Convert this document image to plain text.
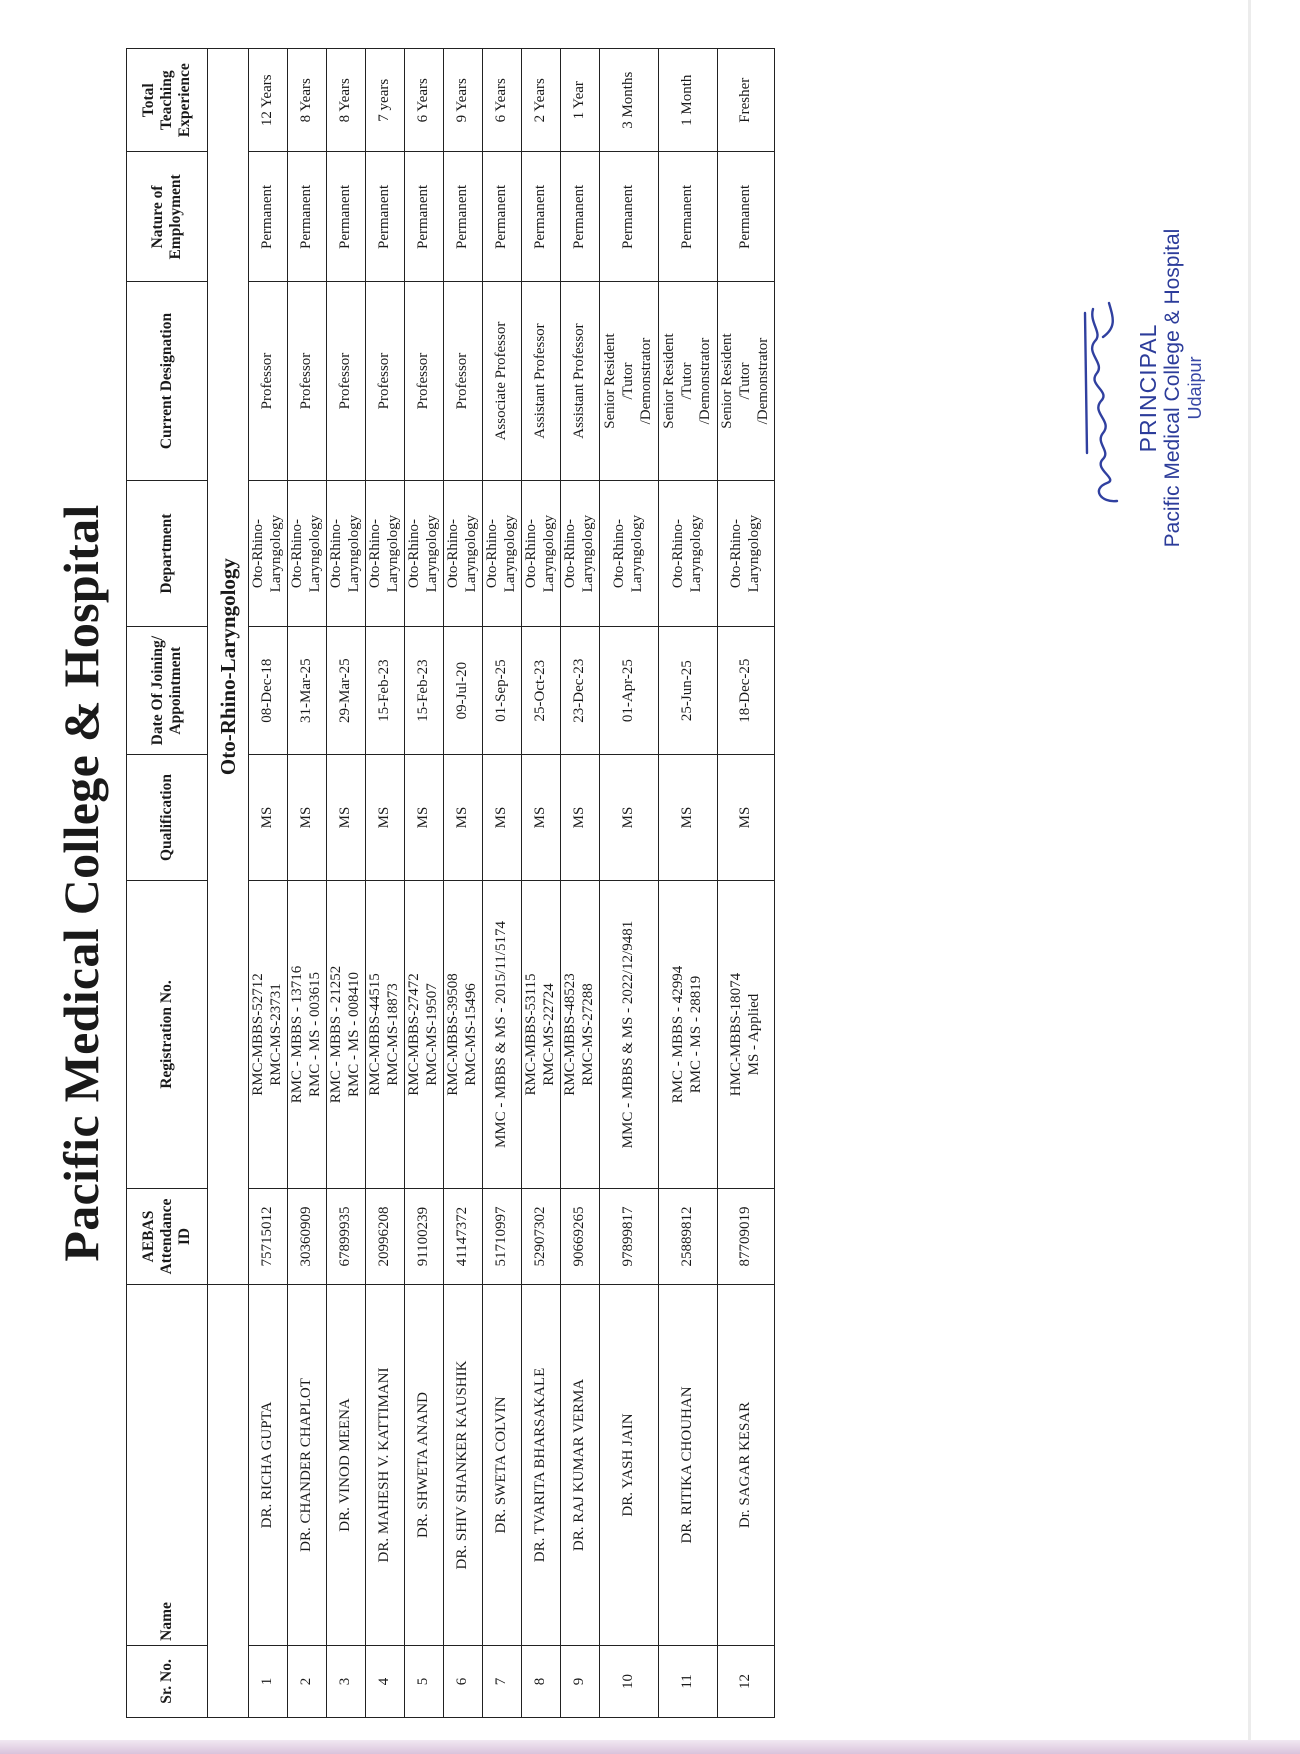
Pacific Medical College & Hospital
Sr. No.	Name	AEBAS Attendance ID	Registration No.	Qualification	Date Of Joining/ Appointment	Department	Current Designation	Nature of Employment	Total Teaching Experience
		Oto-Rhino-Laryngology							
1	DR. RICHA GUPTA	75715012	RMC-MBBS-52712 RMC-MS-23731	MS	08-Dec-18	Oto-Rhino- Laryngology	Professor	Permanent	12 Years
2	DR. CHANDER CHAPLOT	30360909	RMC - MBBS - 13716 RMC - MS - 003615	MS	31-Mar-25	Oto-Rhino- Laryngology	Professor	Permanent	8 Years
3	DR. VINOD MEENA	67899935	RMC - MBBS - 21252 RMC - MS - 008410	MS	29-Mar-25	Oto-Rhino- Laryngology	Professor	Permanent	8 Years
4	DR. MAHESH V. KATTIMANI	20996208	RMC-MBBS-44515 RMC-MS-18873	MS	15-Feb-23	Oto-Rhino- Laryngology	Professor	Permanent	7 years
5	DR. SHWETA ANAND	91100239	RMC-MBBS-27472 RMC-MS-19507	MS	15-Feb-23	Oto-Rhino- Laryngology	Professor	Permanent	6 Years
6	DR. SHIV SHANKER KAUSHIK	41147372	RMC-MBBS-39508 RMC-MS-15496	MS	09-Jul-20	Oto-Rhino- Laryngology	Professor	Permanent	9 Years
7	DR. SWETA COLVIN	51710997	MMC - MBBS & MS - 2015/11/5174	MS	01-Sep-25	Oto-Rhino- Laryngology	Associate Professor	Permanent	6 Years
8	DR. TVARITA BHARSAKALE	52907302	RMC-MBBS-53115 RMC-MS-22724	MS	25-Oct-23	Oto-Rhino- Laryngology	Assistant Professor	Permanent	2 Years
9	DR. RAJ KUMAR VERMA	90669265	RMC-MBBS-48523 RMC-MS-27288	MS	23-Dec-23	Oto-Rhino- Laryngology	Assistant Professor	Permanent	1 Year
10	DR. YASH JAIN	97899817	MMC - MBBS & MS - 2022/12/9481	MS	01-Apr-25	Oto-Rhino- Laryngology	Senior Resident /Tutor /Demonstrator	Permanent	3 Months
11	DR. RITIKA CHOUHAN	25889812	RMC - MBBS - 42994 RMC - MS - 28819	MS	25-Jun-25	Oto-Rhino- Laryngology	Senior Resident /Tutor /Demonstrator	Permanent	1 Month
12	Dr. SAGAR KESAR	87709019	HMC-MBBS-18074 MS - Applied	MS	18-Dec-25	Oto-Rhino- Laryngology	Senior Resident /Tutor /Demonstrator	Permanent	Fresher
PRINCIPAL Pacific Medical College & Hospital Udaipur
